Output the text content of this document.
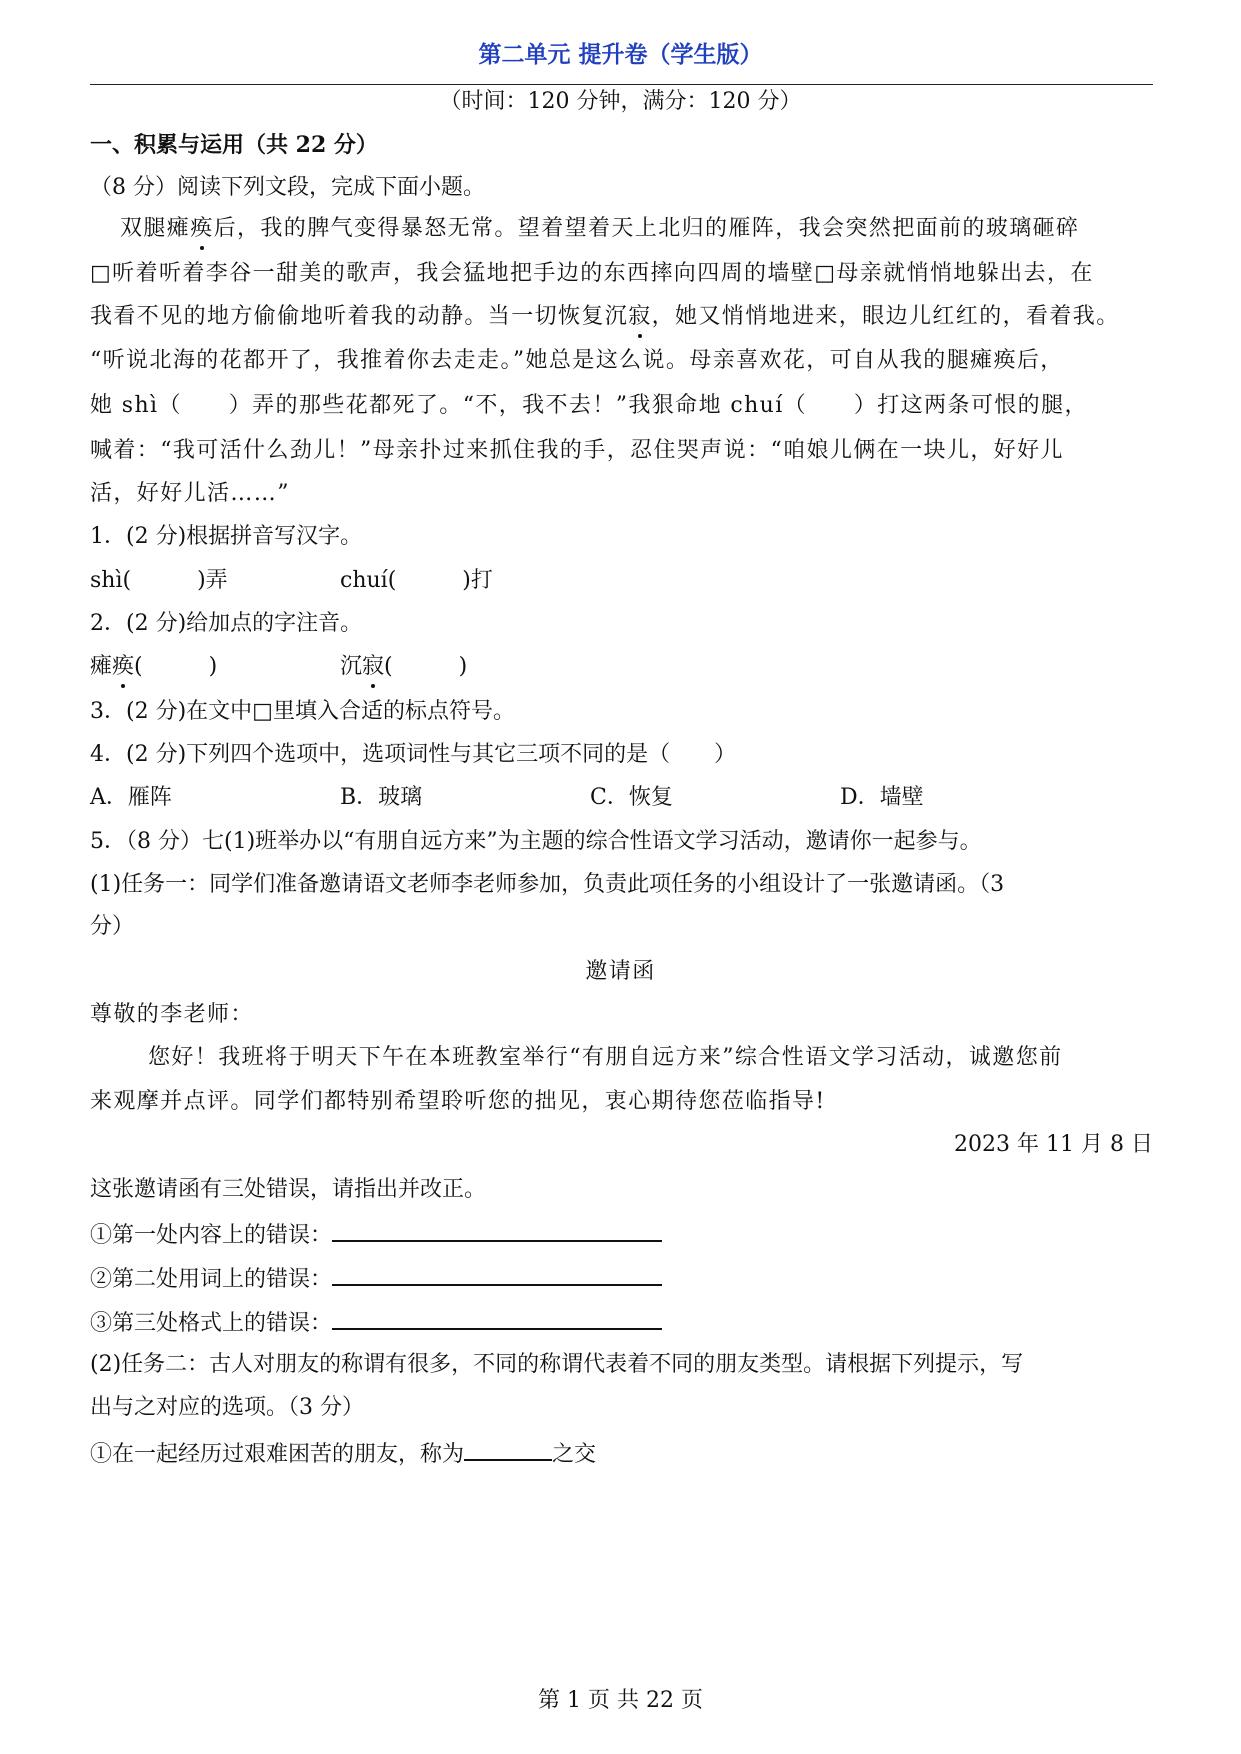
第二单元 提升卷（学生版）
（时间：120 分钟，满分：120 分）
一、积累与运用（共 22 分）
（8 分）阅读下列文段，完成下面小题。
双腿瘫痪后，我的脾气变得暴怒无常。望着望着天上北归的雁阵，我会突然把面前的玻璃砸碎
□听着听着李谷一甜美的歌声，我会猛地把手边的东西摔向四周的墙壁□母亲就悄悄地躲出去，在
我看不见的地方偷偷地听着我的动静。当一切恢复沉寂，她又悄悄地进来，眼边儿红红的，看着我。
“听说北海的花都开了，我推着你去走走。”她总是这么说。母亲喜欢花，可自从我的腿瘫痪后，
她 shì（　　）弄的那些花都死了。“不，我不去！”我狠命地 chuí（　　）打这两条可恨的腿，
喊着：“我可活什么劲儿！”母亲扑过来抓住我的手，忍住哭声说：“咱娘儿俩在一块儿，好好儿
活，好好儿活……”
1．(2 分)根据拼音写汉字。
shì(　　　)弄	chuí(　　　)打
2．(2 分)给加点的字注音。
瘫痪(　　　)	沉寂(　　　)
3．(2 分)在文中□里填入合适的标点符号。
4．(2 分)下列四个选项中，选项词性与其它三项不同的是（　　）
A．雁阵	B．玻璃	C．恢复	D．墙壁
5．（8 分）七(1)班举办以“有朋自远方来”为主题的综合性语文学习活动，邀请你一起参与。
(1)任务一：同学们准备邀请语文老师李老师参加，负责此项任务的小组设计了一张邀请函。（3
分）
邀请函
尊敬的李老师：
您好！我班将于明天下午在本班教室举行“有朋自远方来”综合性语文学习活动，诚邀您前
来观摩并点评。同学们都特别希望聆听您的拙见，衷心期待您莅临指导!
2023 年 11 月 8 日
这张邀请函有三处错误，请指出并改正。
①第一处内容上的错误：
②第二处用词上的错误：
③第三处格式上的错误：
(2)任务二：古人对朋友的称谓有很多，不同的称谓代表着不同的朋友类型。请根据下列提示，写
出与之对应的选项。（3 分）
①在一起经历过艰难困苦的朋友，称为	之交
第 1 页 共 22 页
